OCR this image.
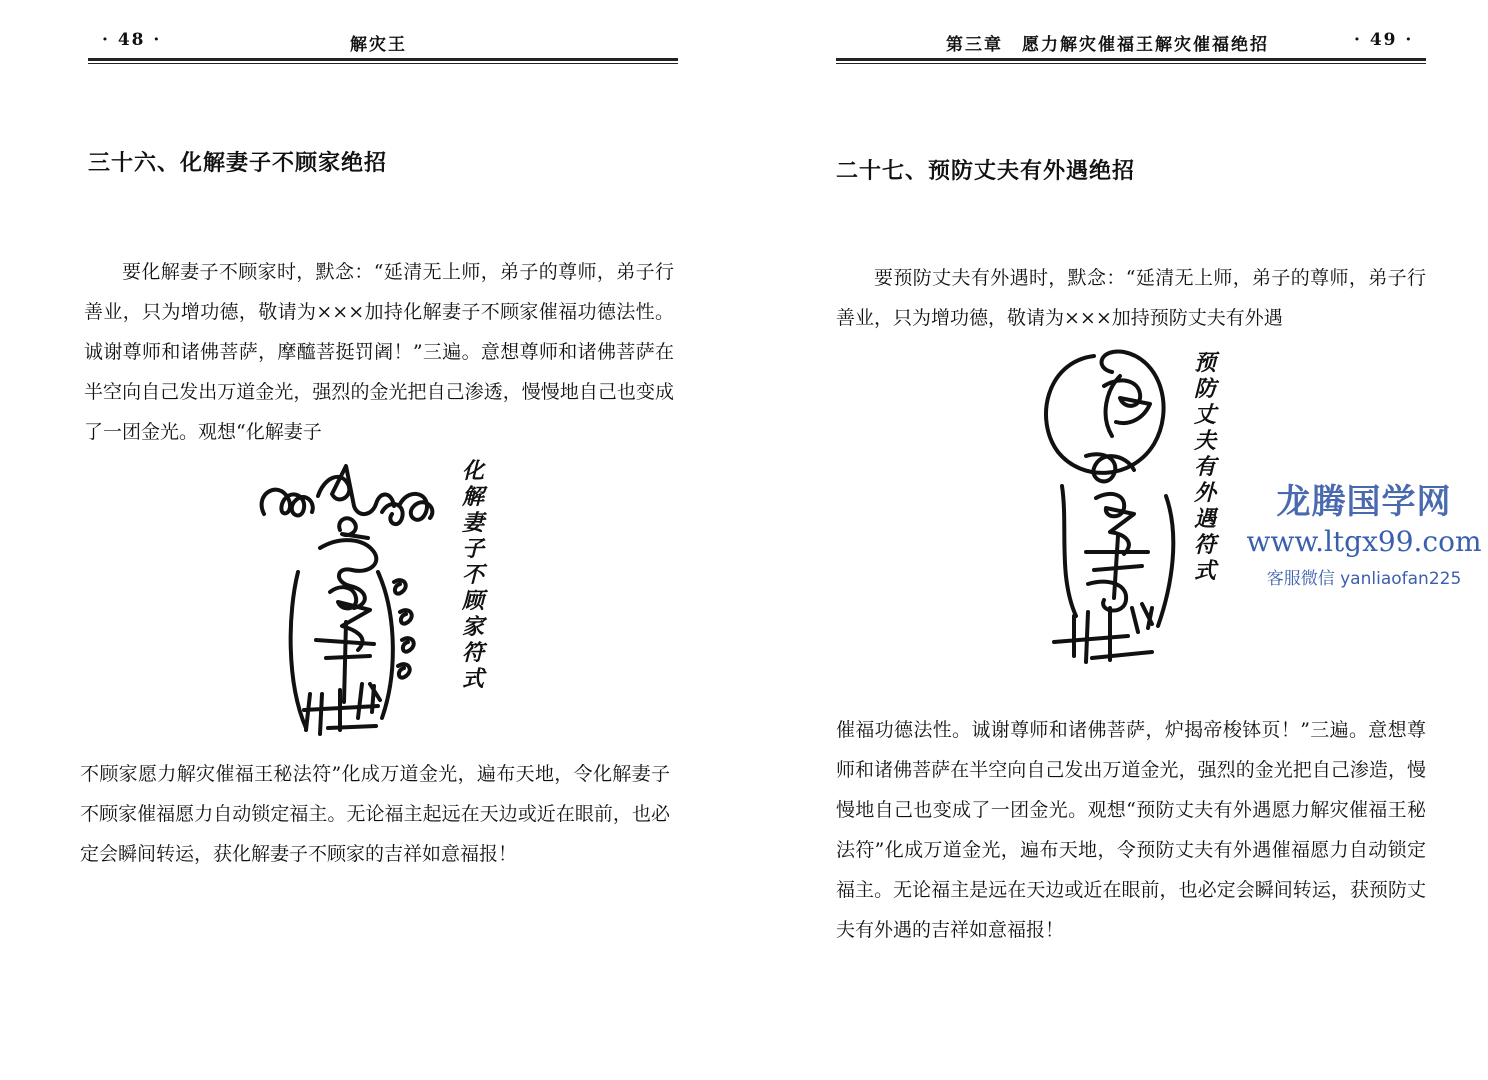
· 48 ·	解灾王
三十六、化解妻子不顾家绝招

要化解妻子不顾家时，默念：“延清无上师，弟子的尊师，弟子行善业，只为增功德，敬请为×××加持化解妻子不顾家催福功德法性。诚谢尊师和诸佛菩萨，摩醯菩挺罚阇！”三遍。意想尊师和诸佛菩萨在半空向自己发出万道金光，强烈的金光把自己渗透，慢慢地自己也变成了一团金光。观想“化解妻子

化
解
妻
子
不
顾
家
符
式

不顾家愿力解灾催福王秘法符”化成万道金光，遍布天地，令化解妻子不顾家催福愿力自动锁定福主。无论福主起远在天边或近在眼前，也必定会瞬间转运，获化解妻子不顾家的吉祥如意福报！

第三章　愿力解灾催福王解灾催福绝招	· 49 ·
二十七、预防丈夫有外遇绝招

要预防丈夫有外遇时，默念：“延清无上师，弟子的尊师，弟子行善业，只为增功德，敬请为×××加持预防丈夫有外遇

预
防
丈
夫
有
外
遇
符
式

催福功德法性。诚谢尊师和诸佛菩萨，炉揭帝梭钵页！”三遍。意想尊师和诸佛菩萨在半空向自己发出万道金光，强烈的金光把自己渗造，慢慢地自己也变成了一团金光。观想“预防丈夫有外遇愿力解灾催福王秘法符”化成万道金光，遍布天地，令预防丈夫有外遇催福愿力自动锁定福主。无论福主是远在天边或近在眼前，也必定会瞬间转运，获预防丈夫有外遇的吉祥如意福报！

龙腾国学网
www.ltgx99.com
客服微信 yanliaofan225
